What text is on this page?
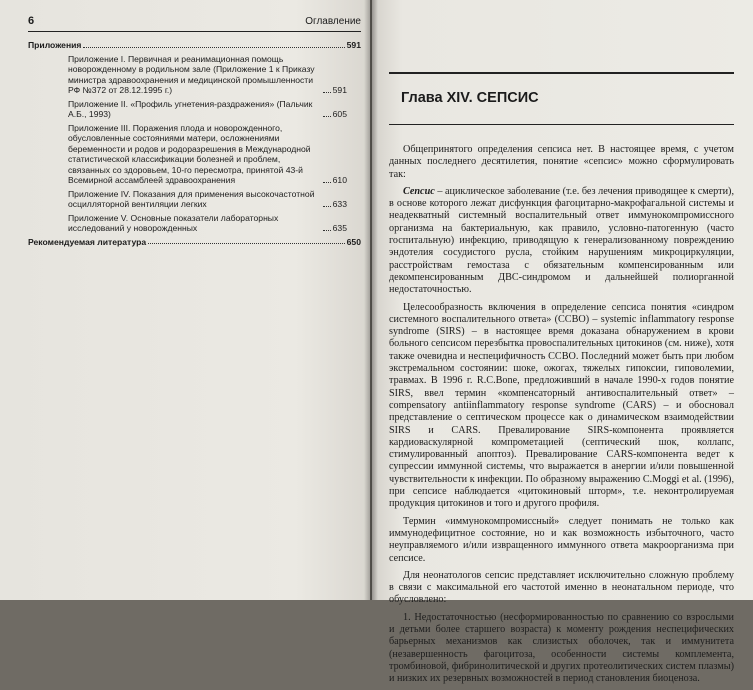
6	Оглавление
Приложения	591
Приложение I. Первичная и реанимационная помощь новорожденному в родильном зале (Приложение 1 к Приказу министра здравоохранения и медицинской промышленности РФ №372 от 28.12.1995 г.)	591
Приложение II. «Профиль угнетения-раздражения» (Пальчик А.Б., 1993)	605
Приложение III. Поражения плода и новорожденного, обусловленные состояниями матери, осложнениями беременности и родов и родоразрешения в Международной статистической классификации болезней и проблем, связанных со здоровьем, 10-го пересмотра, принятой 43-й Всемирной ассамблеей здравоохранения	610
Приложение IV. Показания для применения высокочастотной осцилляторной вентиляции легких	633
Приложение V. Основные показатели лабораторных исследований у новорожденных	635
Рекомендуемая литература	650
Глава XIV. СЕПСИС

Общепринятого определения сепсиса нет. В настоящее время, с учетом данных последнего десятилетия, понятие «сепсис» можно сформулировать так:

Сепсис – ациклическое заболевание (т.е. без лечения приводящее к смерти), в основе которого лежат дисфункция фагоцитарно-макрофагальной системы и неадекватный системный воспалительный ответ иммунокомпромиссного организма на бактериальную, как правило, условно-патогенную (часто госпитальную) инфекцию, приводящую к генерализованному повреждению эндотелия сосудистого русла, стойким нарушениям микроциркуляции, расстройствам гемостаза с обязательным компенсированным или декомпенсированным ДВС-синдромом и дальнейшей полиорганной недостаточностью.

Целесообразность включения в определение сепсиса понятия «синдром системного воспалительного ответа» (ССВО) – systemic inflammatory response syndrome (SIRS) – в настоящее время доказана обнаружением в крови больного сепсисом перезбытка провоспалительных цитокинов (см. ниже), хотя также очевидна и неспецифичность ССВО. Последний может быть при любом экстремальном состоянии: шоке, ожогах, тяжелых гипоксии, гиповолемии, травмах. В 1996 г. R.C.Bone, предложивший в начале 1990-х годов понятие SIRS, ввел термин «компенсаторный антивоспалительный ответ» – compensatory antiinflammatory response syndrome (CARS) – и обосновал представление о септическом процессе как о динамическом взаимодействии SIRS и CARS. Превалирование SIRS-компонента проявляется кардиоваскулярной компрометацией (септический шок, коллапс, стимулированный апоптоз). Превалирование CARS-компонента ведет к супрессии иммунной системы, что выражается в анергии и/или повышенной чувствительности к инфекции. По образному выражению C.Moggi et al. (1996), при сепсисе наблюдается «цитокиновый шторм», т.е. неконтролируемая продукция цитокинов и того и другого профиля.

Термин «иммунокомпромиссный» следует понимать не только как иммунодефицитное состояние, но и как возможность избыточного, часто неуправляемого и/или извращенного иммунного ответа макроорганизма при сепсисе.

Для неонатологов сепсис представляет исключительно сложную проблему в связи с максимальной его частотой именно в неонатальном периоде, что обусловлено:

1. Недостаточностью (несформированностью по сравнению со взрослыми и детьми более старшего возраста) к моменту рождения неспецифических барьерных механизмов как слизистых оболочек, так и иммунитета (незавершенность фагоцитоза, особенности системы комплемента, тромбиновой, фибринолитической и других протеолитических систем плазмы) и низких их резервных возможностей в период становления биоценоза.
